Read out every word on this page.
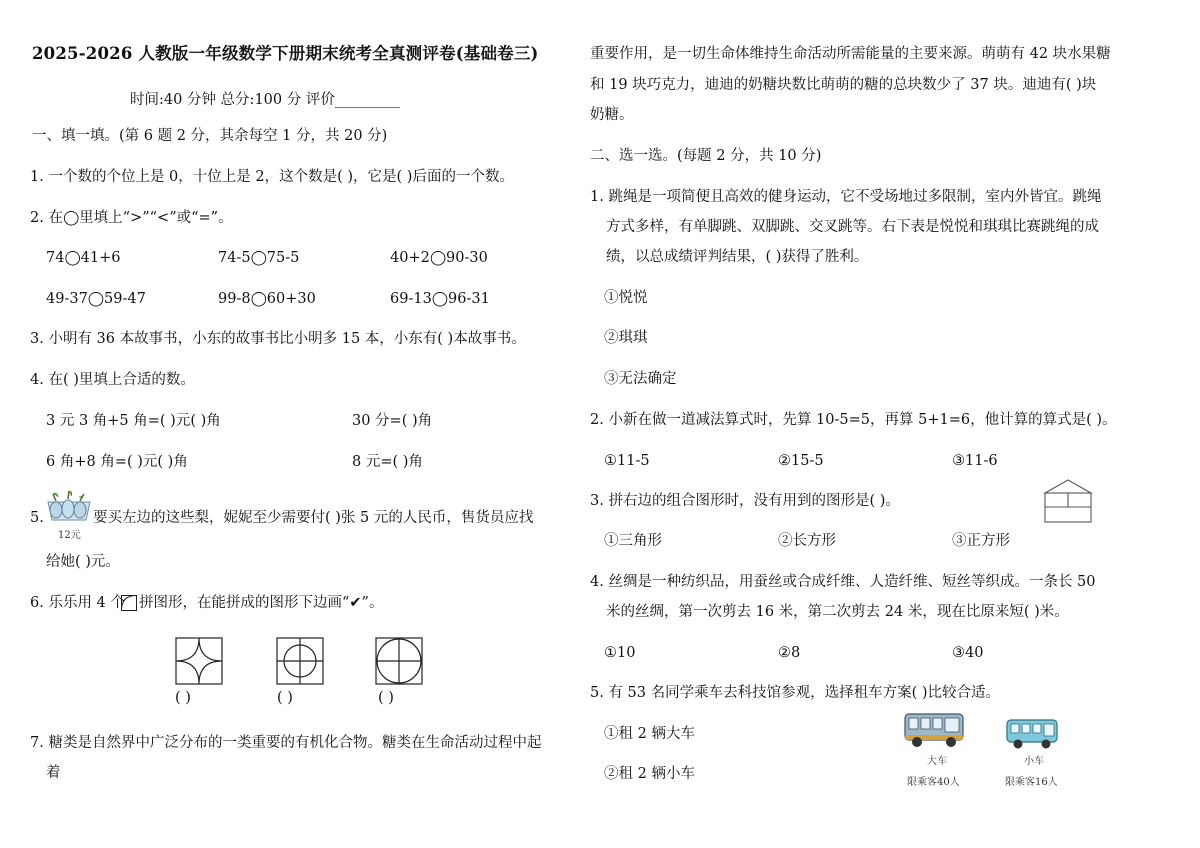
2025-2026 人教版一年级数学下册期末统考全真测评卷(基础卷三)
时间:40 分钟 总分:100 分 评价_________
一、填一填。(第 6 题 2 分，其余每空 1 分，共 20 分)
1. 一个数的个位上是 0，十位上是 2，这个数是( )，它是( )后面的一个数。
2. 在◯里填上“>”“<”或“=”。
74◯41+6	74-5◯75-5	40+2◯90-30
49-37◯59-47	99-8◯60+30	69-13◯96-31
3. 小明有 36 本故事书，小东的故事书比小明多 15 本，小东有( )本故事书。
4. 在( )里填上合适的数。
3 元 3 角+5 角=( )元( )角	30 分=( )角
6 角+8 角=( )元( )角	8 元=( )角
5.
12元
要买左边的这些梨，妮妮至少需要付( )张 5 元的人民币，售货员应找
给她( )元。
6. 乐乐用 4 个 拼图形，在能拼成的图形下边画“✔”。
( )	( )	( )
7. 糖类是自然界中广泛分布的一类重要的有机化合物。糖类在生命活动过程中起
着
重要作用，是一切生命体维持生命活动所需能量的主要来源。萌萌有 42 块水果糖
和 19 块巧克力，迪迪的奶糖块数比萌萌的糖的总块数少了 37 块。迪迪有( )块
奶糖。
二、选一选。(每题 2 分，共 10 分)
1. 跳绳是一项简便且高效的健身运动，它不受场地过多限制，室内外皆宜。跳绳
方式多样，有单脚跳、双脚跳、交叉跳等。右下表是悦悦和琪琪比赛跳绳的成
绩，以总成绩评判结果，( )获得了胜利。
①悦悦
②琪琪
③无法确定
2. 小新在做一道减法算式时，先算 10-5=5，再算 5+1=6，他计算的算式是( )。
①11-5	②15-5	③11-6
3. 拼右边的组合图形时，没有用到的图形是( )。
①三角形	②长方形	③正方形
4. 丝绸是一种纺织品，用蚕丝或合成纤维、人造纤维、短丝等织成。一条长 50
米的丝绸，第一次剪去 16 米，第二次剪去 24 米，现在比原来短( )米。
①10	②8	③40
5. 有 53 名同学乘车去科技馆参观，选择租车方案( )比较合适。
①租 2 辆大车
②租 2 辆小车
大车
限乘客40人
小车
限乘客16人
